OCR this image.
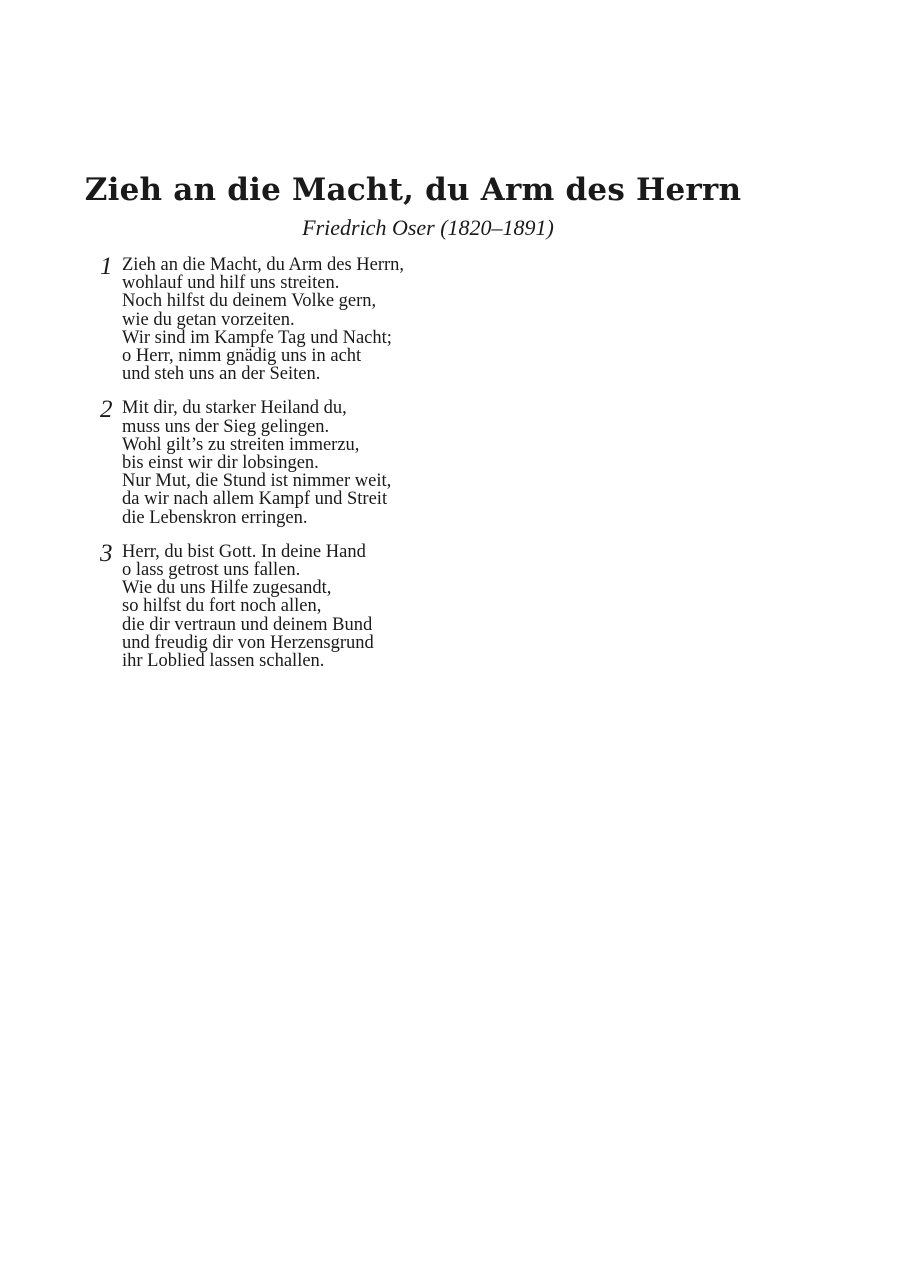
Zieh an die Macht, du Arm des Herrn

Friedrich Oser (1820–1891)

1 Zieh an die Macht, du Arm des Herrn,
wohlauf und hilf uns streiten.
Noch hilfst du deinem Volke gern,
wie du getan vorzeiten.
Wir sind im Kampfe Tag und Nacht;
o Herr, nimm gnädig uns in acht
und steh uns an der Seiten.
2 Mit dir, du starker Heiland du,
muss uns der Sieg gelingen.
Wohl gilt’s zu streiten immerzu,
bis einst wir dir lobsingen.
Nur Mut, die Stund ist nimmer weit,
da wir nach allem Kampf und Streit
die Lebenskron erringen.
3 Herr, du bist Gott. In deine Hand
o lass getrost uns fallen.
Wie du uns Hilfe zugesandt,
so hilfst du fort noch allen,
die dir vertraun und deinem Bund
und freudig dir von Herzensgrund
ihr Loblied lassen schallen.
